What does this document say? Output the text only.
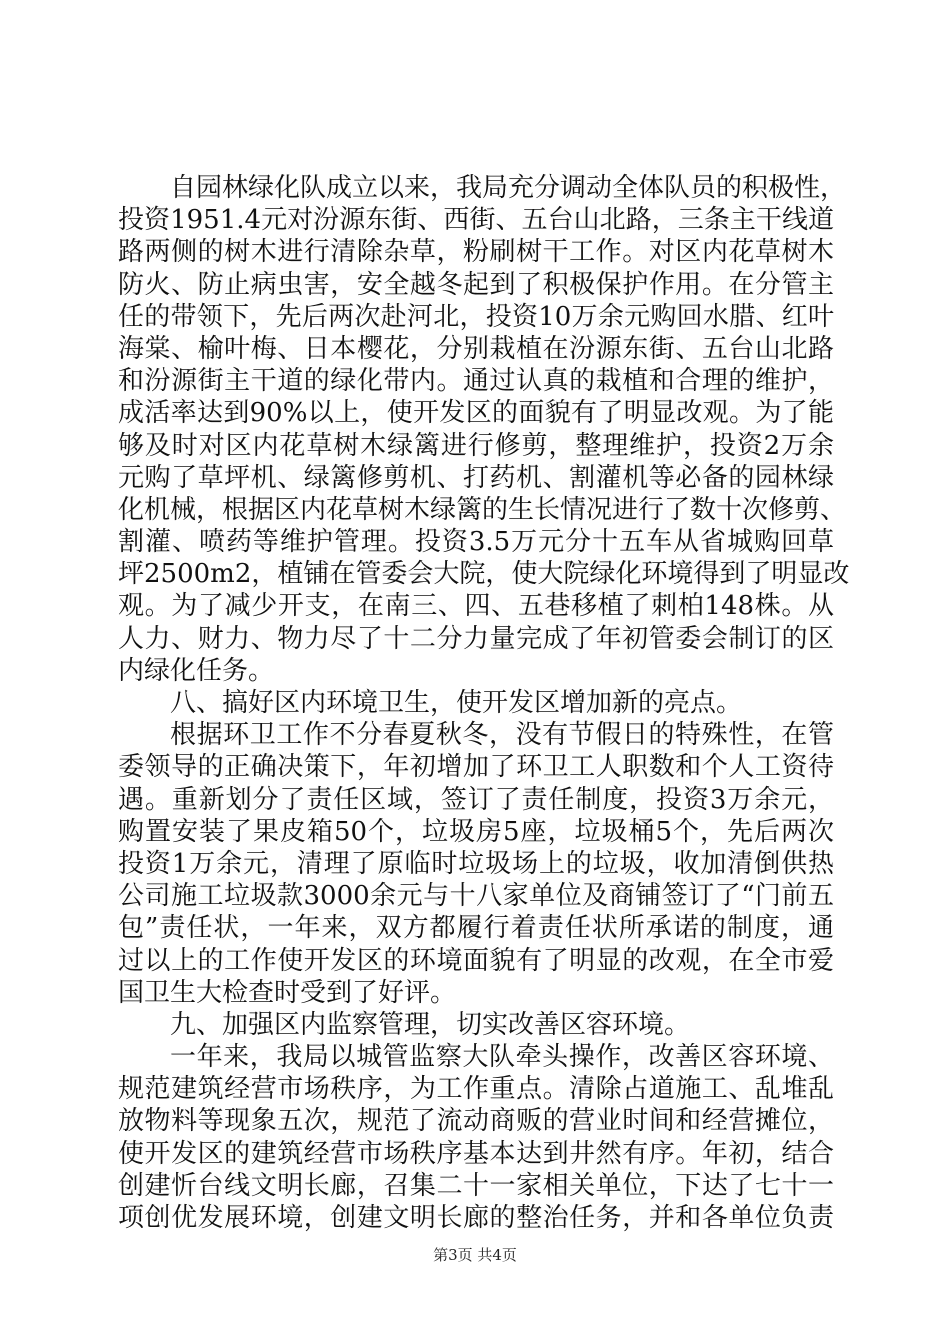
自园林绿化队成立以来，我局充分调动全体队员的积极性，
投资1951.4元对汾源东街、西街、五台山北路，三条主干线道
路两侧的树木进行清除杂草，粉刷树干工作。对区内花草树木
防火、防止病虫害，安全越冬起到了积极保护作用。在分管主
任的带领下，先后两次赴河北，投资10万余元购回水腊、红叶
海棠、榆叶梅、日本樱花，分别栽植在汾源东街、五台山北路
和汾源街主干道的绿化带内。通过认真的栽植和合理的维护，
成活率达到90%以上，使开发区的面貌有了明显改观。为了能
够及时对区内花草树木绿篱进行修剪，整理维护，投资2万余
元购了草坪机、绿篱修剪机、打药机、割灌机等必备的园林绿
化机械，根据区内花草树木绿篱的生长情况进行了数十次修剪、
割灌、喷药等维护管理。投资3.5万元分十五车从省城购回草
坪2500m2，植铺在管委会大院，使大院绿化环境得到了明显改
观。为了减少开支，在南三、四、五巷移植了刺柏148株。从
人力、财力、物力尽了十二分力量完成了年初管委会制订的区
内绿化任务。
八、搞好区内环境卫生，使开发区增加新的亮点。
根据环卫工作不分春夏秋冬，没有节假日的特殊性，在管
委领导的正确决策下，年初增加了环卫工人职数和个人工资待
遇。重新划分了责任区域，签订了责任制度，投资3万余元，
购置安装了果皮箱50个，垃圾房5座，垃圾桶5个，先后两次
投资1万余元，清理了原临时垃圾场上的垃圾，收加清倒供热
公司施工垃圾款3000余元与十八家单位及商铺签订了“门前五
包”责任状，一年来，双方都履行着责任状所承诺的制度，通
过以上的工作使开发区的环境面貌有了明显的改观，在全市爱
国卫生大检查时受到了好评。
九、加强区内监察管理，切实改善区容环境。
一年来，我局以城管监察大队牵头操作，改善区容环境、
规范建筑经营市场秩序，为工作重点。清除占道施工、乱堆乱
放物料等现象五次，规范了流动商贩的营业时间和经营摊位，
使开发区的建筑经营市场秩序基本达到井然有序。年初，结合
创建忻台线文明长廊，召集二十一家相关单位，下达了七十一
项创优发展环境，创建文明长廊的整治任务，并和各单位负责
第3页 共4页
